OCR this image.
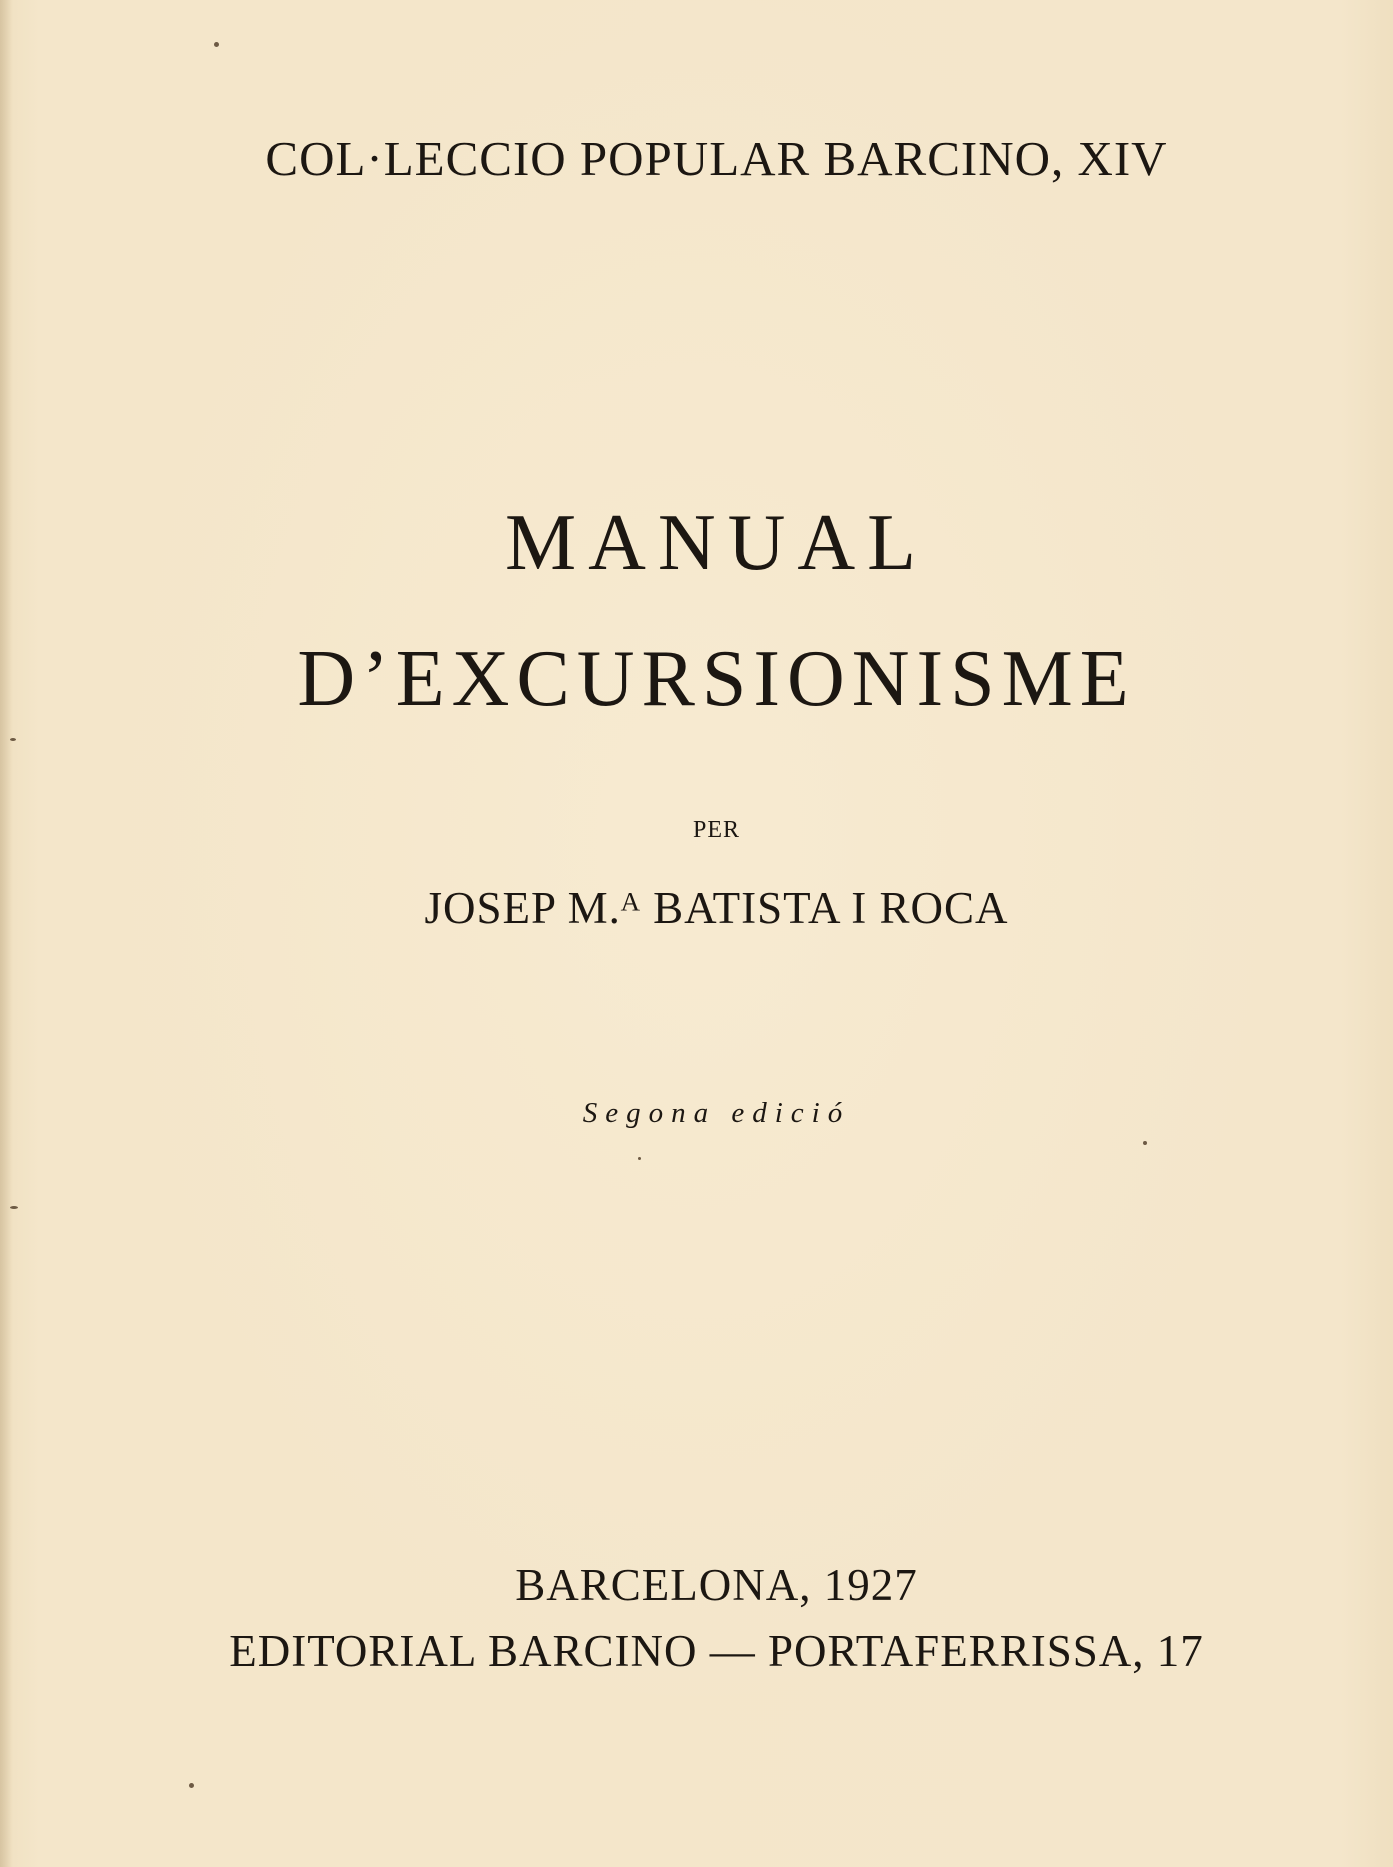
COL·LECCIO POPULAR BARCINO, XIV
MANUAL
D’EXCURSIONISME
PER
JOSEP M.ᴬ BATISTA I ROCA
Segona edició
BARCELONA, 1927
EDITORIAL BARCINO — PORTAFERRISSA, 17
